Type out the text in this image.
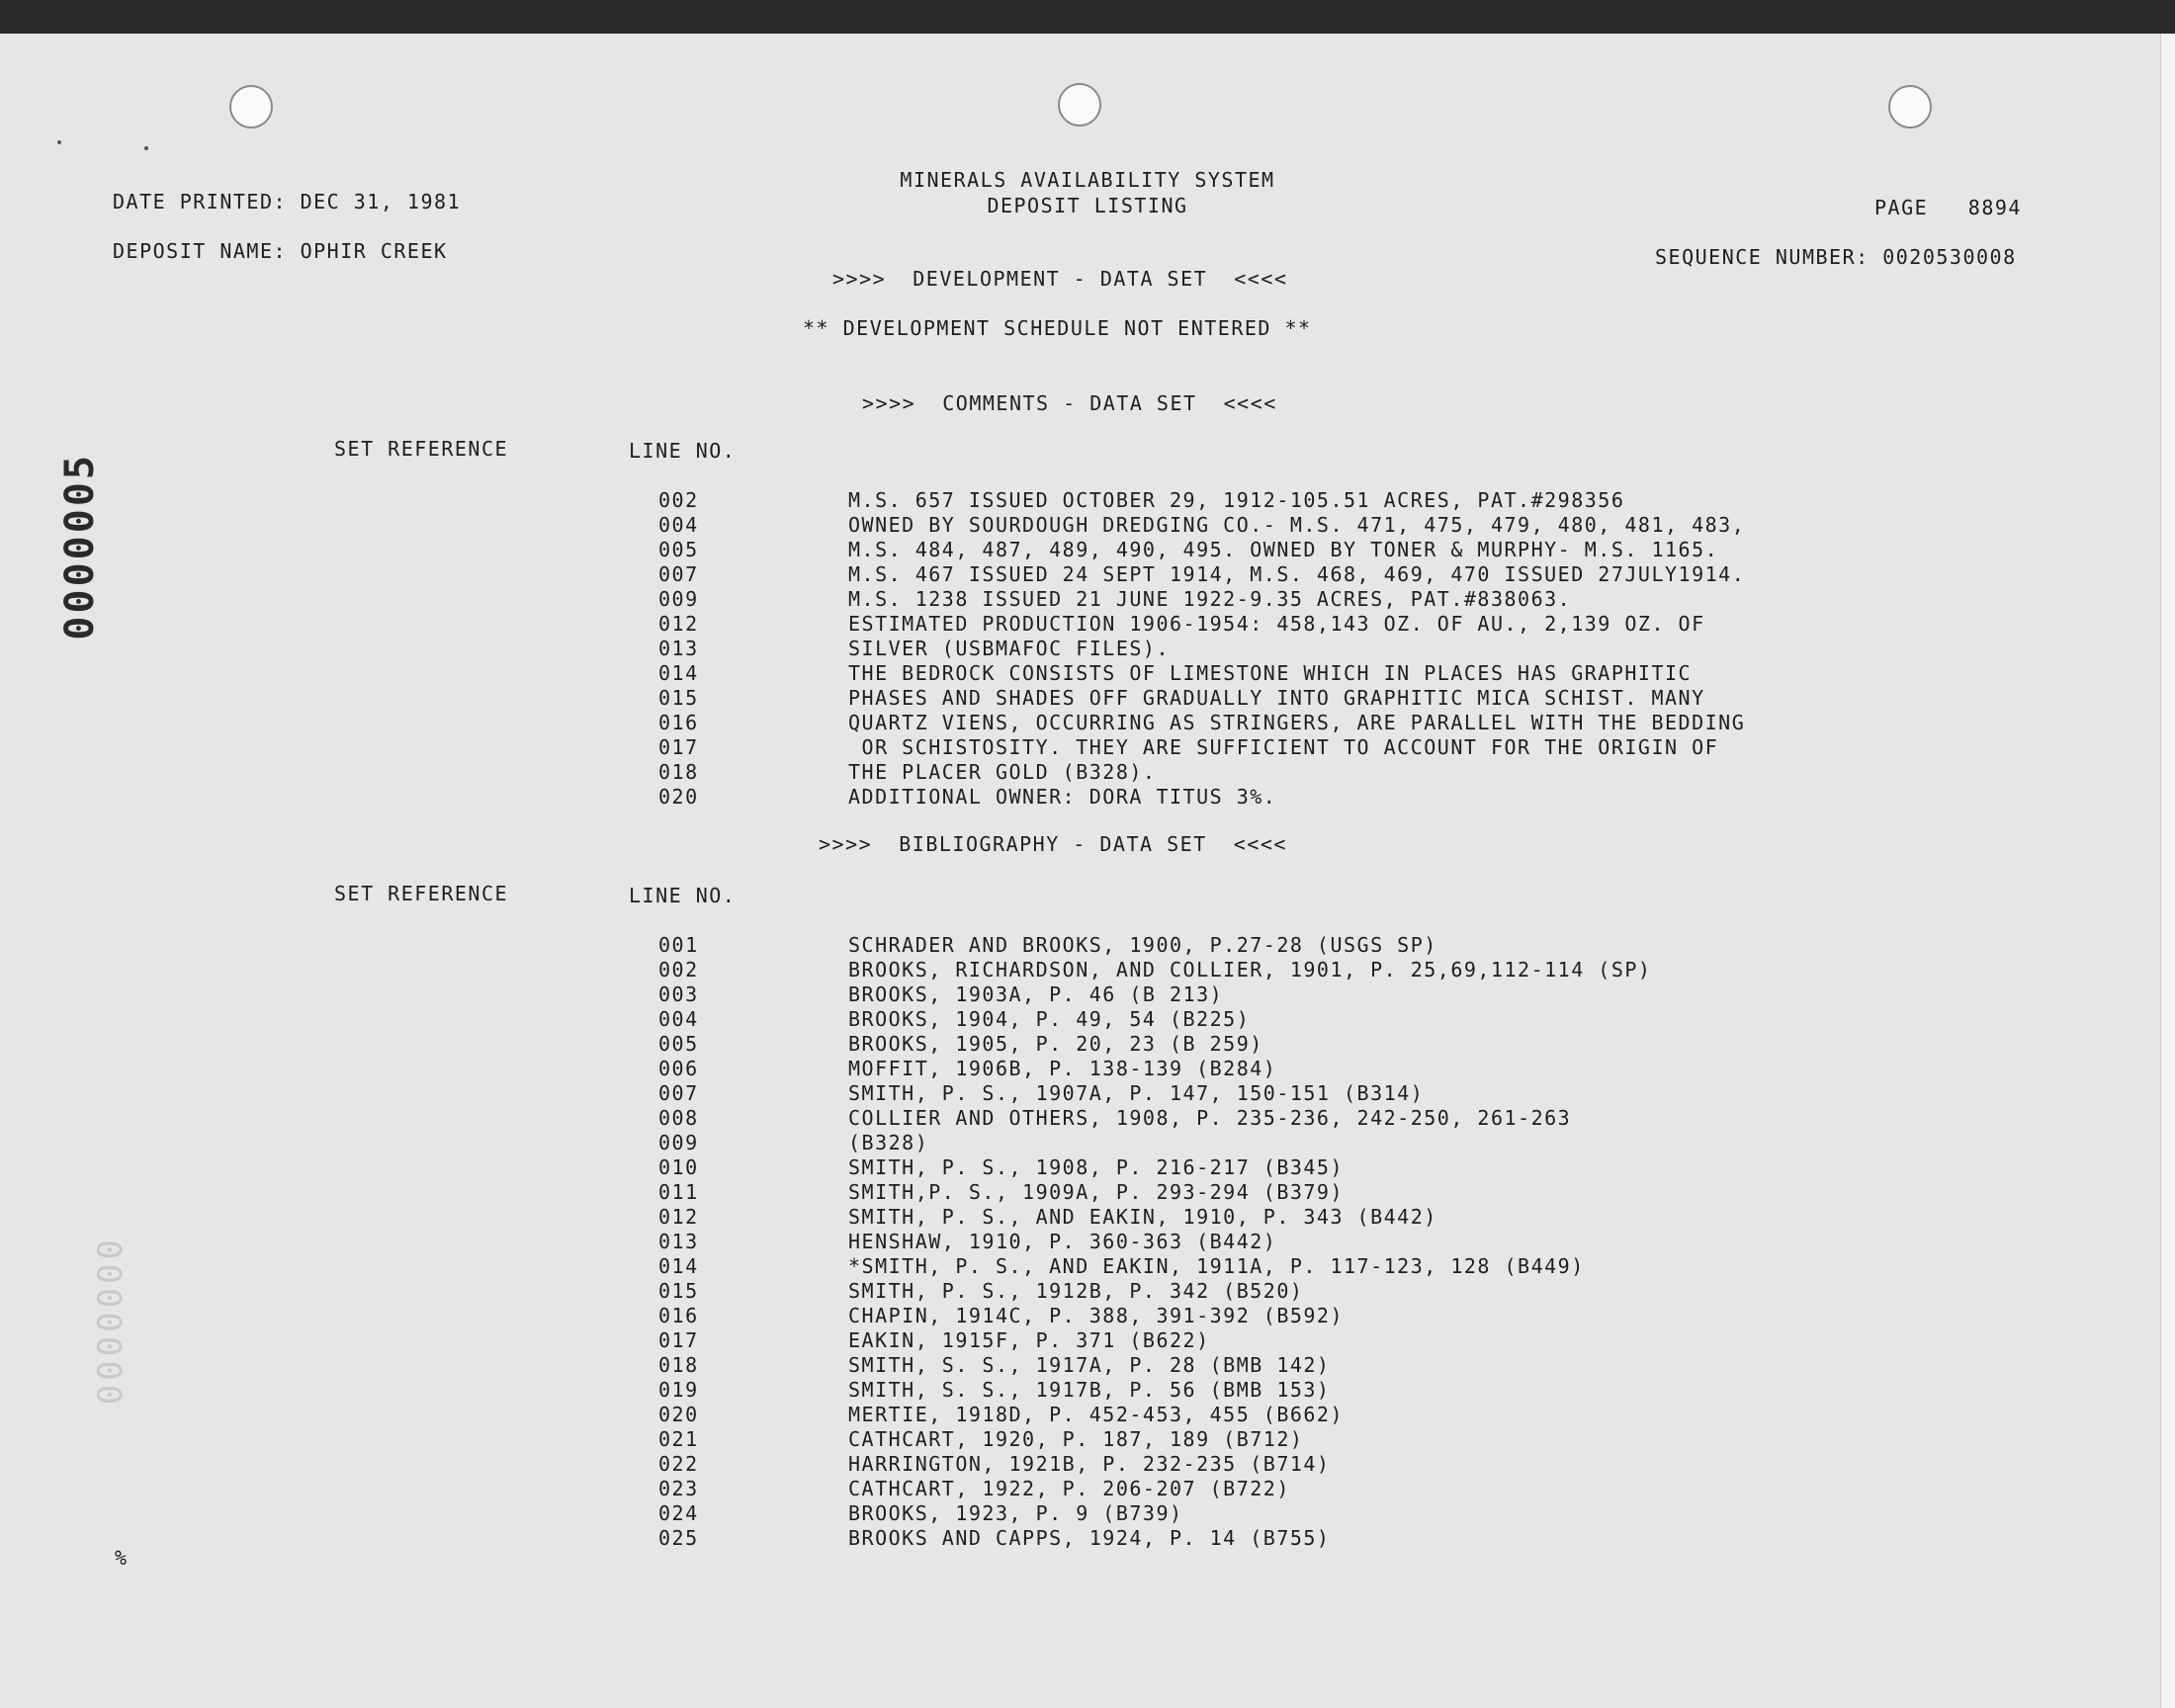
MINERALS AVAILABILITY SYSTEM
DEPOSIT LISTING
DATE PRINTED: DEC 31, 1981
DEPOSIT NAME: OPHIR CREEK
PAGE   8894
SEQUENCE NUMBER: 0020530008
>>>>  DEVELOPMENT - DATA SET  <<<<
** DEVELOPMENT SCHEDULE NOT ENTERED **
>>>>  COMMENTS - DATA SET  <<<<
SET REFERENCE	LINE NO.
002	M.S. 657 ISSUED OCTOBER 29, 1912-105.51 ACRES, PAT.#298356
004	OWNED BY SOURDOUGH DREDGING CO.- M.S. 471, 475, 479, 480, 481, 483,
005	M.S. 484, 487, 489, 490, 495. OWNED BY TONER & MURPHY- M.S. 1165.
007	M.S. 467 ISSUED 24 SEPT 1914, M.S. 468, 469, 470 ISSUED 27JULY1914.
009	M.S. 1238 ISSUED 21 JUNE 1922-9.35 ACRES, PAT.#838063.
012	ESTIMATED PRODUCTION 1906-1954: 458,143 OZ. OF AU., 2,139 OZ. OF
013	SILVER (USBMAFOC FILES).
014	THE BEDROCK CONSISTS OF LIMESTONE WHICH IN PLACES HAS GRAPHITIC
015	PHASES AND SHADES OFF GRADUALLY INTO GRAPHITIC MICA SCHIST. MANY
016	QUARTZ VIENS, OCCURRING AS STRINGERS, ARE PARALLEL WITH THE BEDDING
017	OR SCHISTOSITY. THEY ARE SUFFICIENT TO ACCOUNT FOR THE ORIGIN OF
018	THE PLACER GOLD (B328).
020	ADDITIONAL OWNER: DORA TITUS 3%.
>>>>  BIBLIOGRAPHY - DATA SET  <<<<
SET REFERENCE	LINE NO.
001	SCHRADER AND BROOKS, 1900, P.27-28 (USGS SP)
002	BROOKS, RICHARDSON, AND COLLIER, 1901, P. 25,69,112-114 (SP)
003	BROOKS, 1903A, P. 46 (B 213)
004	BROOKS, 1904, P. 49, 54 (B225)
005	BROOKS, 1905, P. 20, 23 (B 259)
006	MOFFIT, 1906B, P. 138-139 (B284)
007	SMITH, P. S., 1907A, P. 147, 150-151 (B314)
008	COLLIER AND OTHERS, 1908, P. 235-236, 242-250, 261-263
009	(B328)
010	SMITH, P. S., 1908, P. 216-217 (B345)
011	SMITH,P. S., 1909A, P. 293-294 (B379)
012	SMITH, P. S., AND EAKIN, 1910, P. 343 (B442)
013	HENSHAW, 1910, P. 360-363 (B442)
014	*SMITH, P. S., AND EAKIN, 1911A, P. 117-123, 128 (B449)
015	SMITH, P. S., 1912B, P. 342 (B520)
016	CHAPIN, 1914C, P. 388, 391-392 (B592)
017	EAKIN, 1915F, P. 371 (B622)
018	SMITH, S. S., 1917A, P. 28 (BMB 142)
019	SMITH, S. S., 1917B, P. 56 (BMB 153)
020	MERTIE, 1918D, P. 452-453, 455 (B662)
021	CATHCART, 1920, P. 187, 189 (B712)
022	HARRINGTON, 1921B, P. 232-235 (B714)
023	CATHCART, 1922, P. 206-207 (B722)
024	BROOKS, 1923, P. 9 (B739)
025	BROOKS AND CAPPS, 1924, P. 14 (B755)
0000005
0000000
%
